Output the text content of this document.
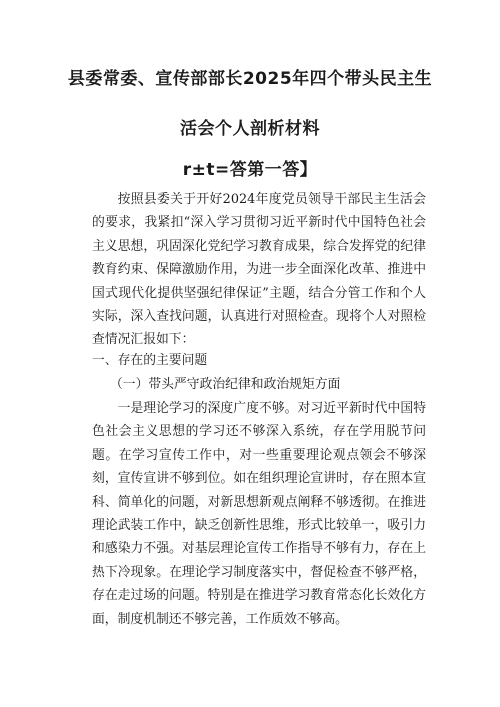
县委常委、宣传部部长2025年四个带头民主生
活会个人剖析材料
r±t=答第一答】

按照县委关于开好2024年度党员领导干部民主生活会的要求，我紧扣“深入学习贯彻习近平新时代中国特色社会主义思想，巩固深化党纪学习教育成果，综合发挥党的纪律教育约束、保障激励作用，为进一步全面深化改革、推进中国式现代化提供坚强纪律保证”主题，结合分管工作和个人实际，深入查找问题，认真进行对照检查。现将个人对照检查情况汇报如下：

一、存在的主要问题
（一）带头严守政治纪律和政治规矩方面

一是理论学习的深度广度不够。对习近平新时代中国特色社会主义思想的学习还不够深入系统，存在学用脱节问题。在学习宣传工作中，对一些重要理论观点领会不够深刻，宣传宣讲不够到位。如在组织理论宣讲时，存在照本宣科、简单化的问题，对新思想新观点阐释不够透彻。在推进理论武装工作中，缺乏创新性思维，形式比较单一，吸引力和感染力不强。对基层理论宣传工作指导不够有力，存在上热下冷现象。在理论学习制度落实中，督促检查不够严格，存在走过场的问题。特别是在推进学习教育常态化长效化方面，制度机制还不够完善，工作质效不够高。
